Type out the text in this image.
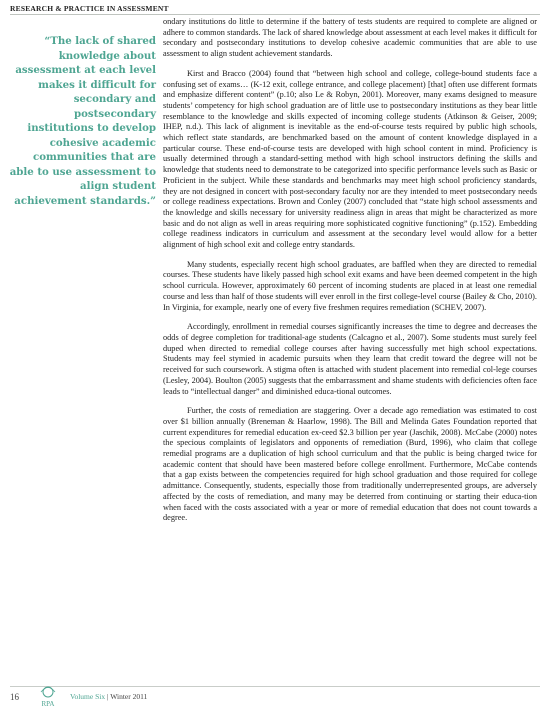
RESEARCH & PRACTICE IN ASSESSMENT
“The lack of shared knowledge about assessment at each level makes it difficult for secondary and postsecondary institutions to develop cohesive academic communities that are able to use assessment to align student achievement standards.”

ondary institutions do little to determine if the battery of tests students are required to complete are aligned or adhere to common standards. The lack of shared knowledge about assessment at each level makes it difficult for secondary and postsecondary institutions to develop cohesive academic communities that are able to use assessment to align student achievement standards.

Kirst and Bracco (2004) found that “between high school and college, college-bound students face a confusing set of exams… (K-12 exit, college entrance, and college placement) [that] often use different formats and emphasize different content” (p.10; also Le & Robyn, 2001). Moreover, many exams designed to measure students’ competency for high school graduation are of little use to postsecondary institutions as they bear little resemblance to the knowledge and skills expected of incoming college students (Atkinson & Geiser, 2009; IHEP, n.d.). This lack of alignment is inevitable as the end-of-course tests required by public high schools, which reflect state standards, are benchmarked based on the amount of content knowledge displayed in a particular course. These end-of-course tests are developed with high school content in mind. Proficiency is usually determined through a standard-setting method with high school instructors defining the skills and knowledge that students need to demonstrate to be categorized into specific performance levels such as Basic or Proficient in the subject. While these standards and benchmarks may meet high school proficiency standards, they are not designed in concert with post-secondary faculty nor are they intended to meet postsecondary needs or college readiness expectations. Brown and Conley (2007) concluded that “state high school assessments and the knowledge and skills necessary for university readiness align in areas that might be characterized as more basic and do not align as well in areas requiring more sophisticated cognitive functioning” (p.152). Embedding college readiness indicators in curriculum and assessment at the secondary level would allow for a better alignment of high school exit and college entry standards.

Many students, especially recent high school graduates, are baffled when they are directed to remedial courses. These students have likely passed high school exit exams and have been deemed competent in the high school curricula. However, approximately 60 percent of incoming students are placed in at least one remedial course and less than half of those students will ever enroll in the first college-level course (Bailey & Cho, 2010). In Virginia, for example, nearly one of every five freshmen requires remediation (SCHEV, 2007).

Accordingly, enrollment in remedial courses significantly increases the time to degree and decreases the odds of degree completion for traditional-age students (Calcagno et al., 2007). Some students must surely feel duped when directed to remedial college courses after having successfully met high school expectations. Students may feel stymied in academic pursuits when they learn that credit toward the degree will not be received for such coursework. A stigma often is attached with student placement into remedial col-lege courses (Lesley, 2004). Boulton (2005) suggests that the embarrassment and shame students with deficiencies often face leads to “intellectual danger” and diminished educa-tional outcomes.

Further, the costs of remediation are staggering. Over a decade ago remediation was estimated to cost over $1 billion annually (Breneman & Haarlow, 1998). The Bill and Melinda Gates Foundation reported that current expenditures for remedial education ex-ceed $2.3 billion per year (Jaschik, 2008). McCabe (2000) notes the specious complaints of legislators and opponents of remediation (Burd, 1996), who claim that college remedial programs are a duplication of high school curriculum and that the public is being charged twice for academic content that should have been mastered before college enrollment. Furthermore, McCabe contends that a gap exists between the competencies required for high school graduation and those required for college admittance. Consequently, students, especially those from traditionally underrepresented groups, are adversely affected by the costs of remediation, and many may be deterred from continuing or starting their educa-tion when faced with the costs associated with a year or more of remedial education that does not count towards a degree.

16
RPA
Volume Six | Winter 2011
